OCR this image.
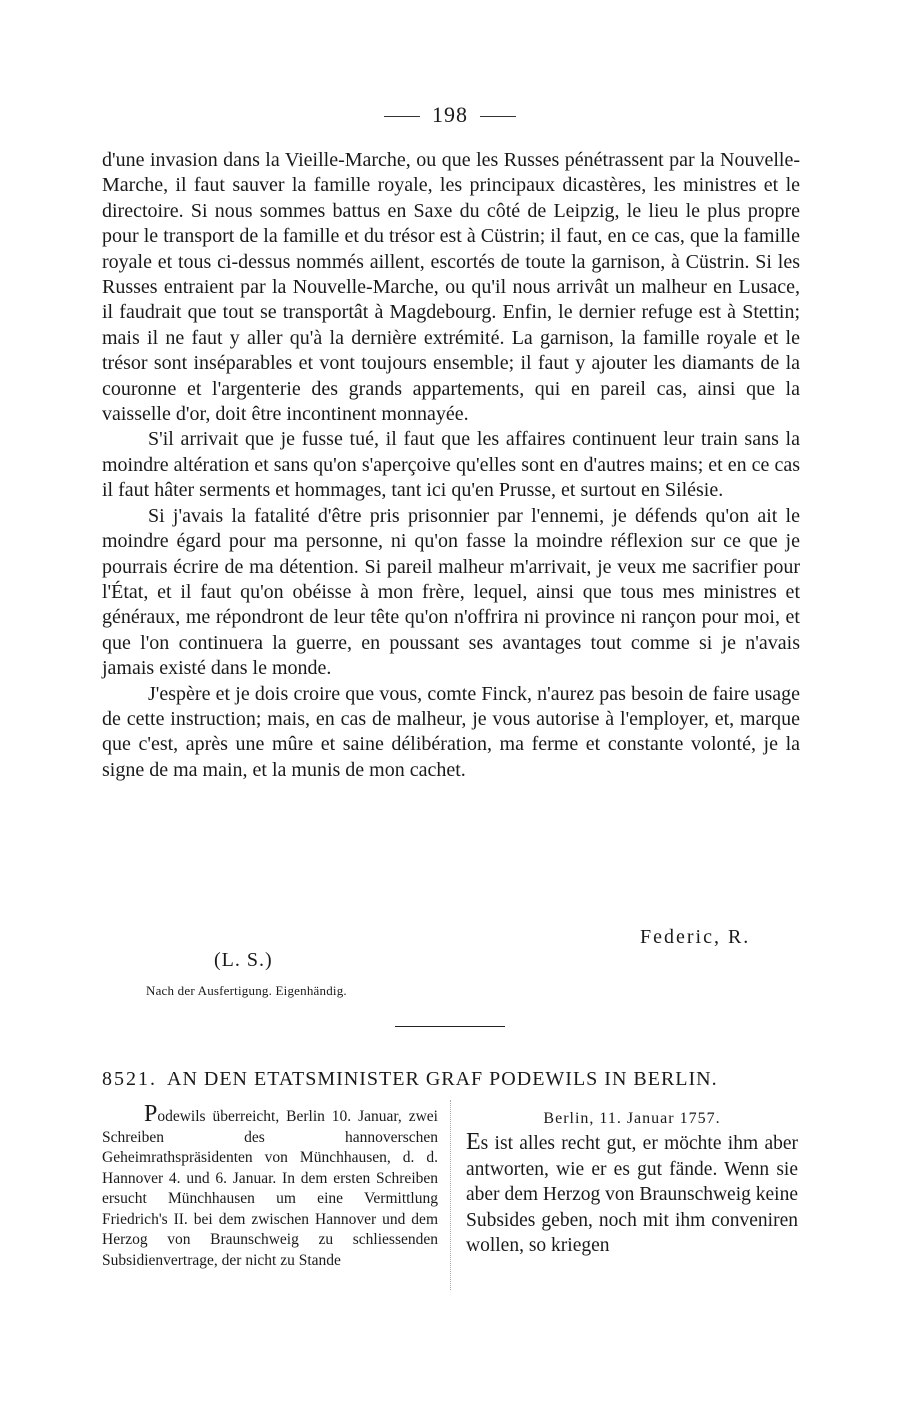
198

d'une invasion dans la Vieille-Marche, ou que les Russes pénétrassent par la Nouvelle-Marche, il faut sauver la famille royale, les principaux dicastères, les ministres et le directoire. Si nous sommes battus en Saxe du côté de Leipzig, le lieu le plus propre pour le transport de la famille et du trésor est à Cüstrin; il faut, en ce cas, que la famille royale et tous ci-dessus nommés aillent, escortés de toute la garnison, à Cüstrin. Si les Russes entraient par la Nouvelle-Marche, ou qu'il nous arrivât un malheur en Lusace, il faudrait que tout se transportât à Magdebourg. Enfin, le dernier refuge est à Stettin; mais il ne faut y aller qu'à la dernière extrémité. La garnison, la famille royale et le trésor sont inséparables et vont toujours ensemble; il faut y ajouter les diamants de la couronne et l'argenterie des grands appartements, qui en pareil cas, ainsi que la vaisselle d'or, doit être incontinent monnayée.

S'il arrivait que je fusse tué, il faut que les affaires continuent leur train sans la moindre altération et sans qu'on s'aperçoive qu'elles sont en d'autres mains; et en ce cas il faut hâter serments et hommages, tant ici qu'en Prusse, et surtout en Silésie.

Si j'avais la fatalité d'être pris prisonnier par l'ennemi, je défends qu'on ait le moindre égard pour ma personne, ni qu'on fasse la moindre réflexion sur ce que je pourrais écrire de ma détention. Si pareil malheur m'arrivait, je veux me sacrifier pour l'État, et il faut qu'on obéisse à mon frère, lequel, ainsi que tous mes ministres et généraux, me répondront de leur tête qu'on n'offrira ni province ni rançon pour moi, et que l'on continuera la guerre, en poussant ses avantages tout comme si je n'avais jamais existé dans le monde.

J'espère et je dois croire que vous, comte Finck, n'aurez pas besoin de faire usage de cette instruction; mais, en cas de malheur, je vous autorise à l'employer, et, marque que c'est, après une mûre et saine délibération, ma ferme et constante volonté, je la signe de ma main, et la munis de mon cachet.

Federic, R.
(L. S.)
Nach der Ausfertigung. Eigenhändig.
8521. AN DEN ETATSMINISTER GRAF PODEWILS IN BERLIN.

Podewils überreicht, Berlin 10. Januar, zwei Schreiben des hannoverschen Geheimrathspräsidenten von Münchhausen, d. d. Hannover 4. und 6. Januar. In dem ersten Schreiben ersucht Münchhausen um eine Vermittlung Friedrich's II. bei dem zwischen Hannover und dem Herzog von Braunschweig zu schliessenden Subsidienvertrage, der nicht zu Stande

Berlin, 11. Januar 1757.

Es ist alles recht gut, er möchte ihm aber antworten, wie er es gut fände. Wenn sie aber dem Herzog von Braunschweig keine Subsides geben, noch mit ihm conveniren wollen, so kriegen
